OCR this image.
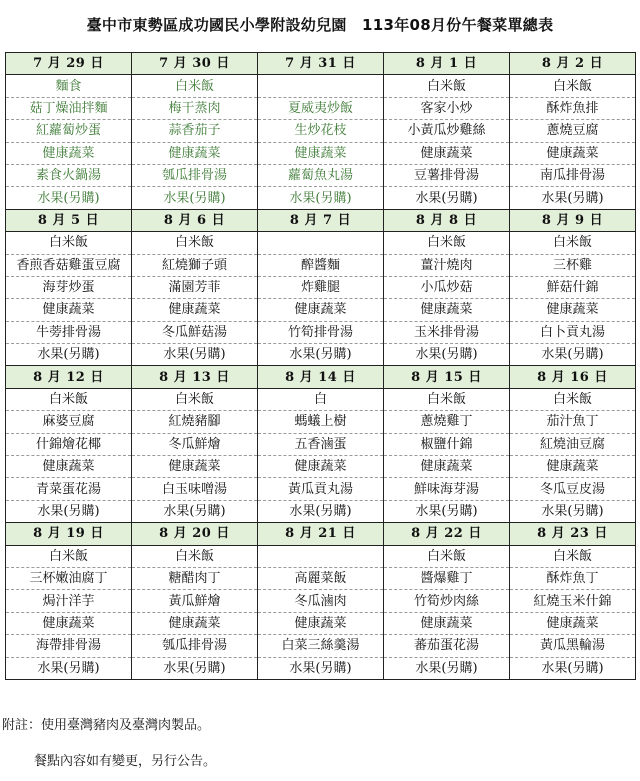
臺中市東勢區成功國民小學附設幼兒園　113年08月份午餐菜單總表
7 月 29 日	7 月 30 日	7 月 31 日	8 月 1 日	8 月 2 日
麵食	白米飯		白米飯	白米飯
菇丁燥油拌麵	梅干蒸肉	夏威夷炒飯	客家小炒	酥炸魚排
紅蘿蔔炒蛋	蒜香茄子	生炒花枝	小黃瓜炒雞絲	蔥燒豆腐
健康蔬菜	健康蔬菜	健康蔬菜	健康蔬菜	健康蔬菜
素食火鍋湯	瓠瓜排骨湯	蘿蔔魚丸湯	豆薯排骨湯	南瓜排骨湯
水果(另購)	水果(另購)	水果(另購)	水果(另購)	水果(另購)
8 月 5 日	8 月 6 日	8 月 7 日	8 月 8 日	8 月 9 日
白米飯	白米飯		白米飯	白米飯
香煎香菇雞蛋豆腐	紅燒獅子頭	醡醬麵	薑汁燒肉	三杯雞
海芽炒蛋	滿園芳菲	炸雞腿	小瓜炒菇	鮮菇什錦
健康蔬菜	健康蔬菜	健康蔬菜	健康蔬菜	健康蔬菜
牛蒡排骨湯	冬瓜鮮菇湯	竹筍排骨湯	玉米排骨湯	白卜貢丸湯
水果(另購)	水果(另購)	水果(另購)	水果(另購)	水果(另購)
8 月 12 日	8 月 13 日	8 月 14 日	8 月 15 日	8 月 16 日
白米飯	白米飯	白	白米飯	白米飯
麻婆豆腐	紅燒豬腳	螞蟻上樹	蔥燒雞丁	茄汁魚丁
什錦燴花椰	冬瓜鮮燴	五香滷蛋	椒鹽什錦	紅燒油豆腐
健康蔬菜	健康蔬菜	健康蔬菜	健康蔬菜	健康蔬菜
青菜蛋花湯	白玉味噌湯	黃瓜貢丸湯	鮮味海芽湯	冬瓜豆皮湯
水果(另購)	水果(另購)	水果(另購)	水果(另購)	水果(另購)
8 月 19 日	8 月 20 日	8 月 21 日	8 月 22 日	8 月 23 日
白米飯	白米飯		白米飯	白米飯
三杯嫩油腐丁	糖醋肉丁	高麗菜飯	醬爆雞丁	酥炸魚丁
焗汁洋芋	黃瓜鮮燴	冬瓜滷肉	竹筍炒肉絲	紅燒玉米什錦
健康蔬菜	健康蔬菜	健康蔬菜	健康蔬菜	健康蔬菜
海帶排骨湯	瓠瓜排骨湯	白菜三絲羹湯	蕃茄蛋花湯	黃瓜黑輪湯
水果(另購)	水果(另購)	水果(另購)	水果(另購)	水果(另購)
附註：使用臺灣豬肉及臺灣肉製品。
餐點內容如有變更，另行公告。
